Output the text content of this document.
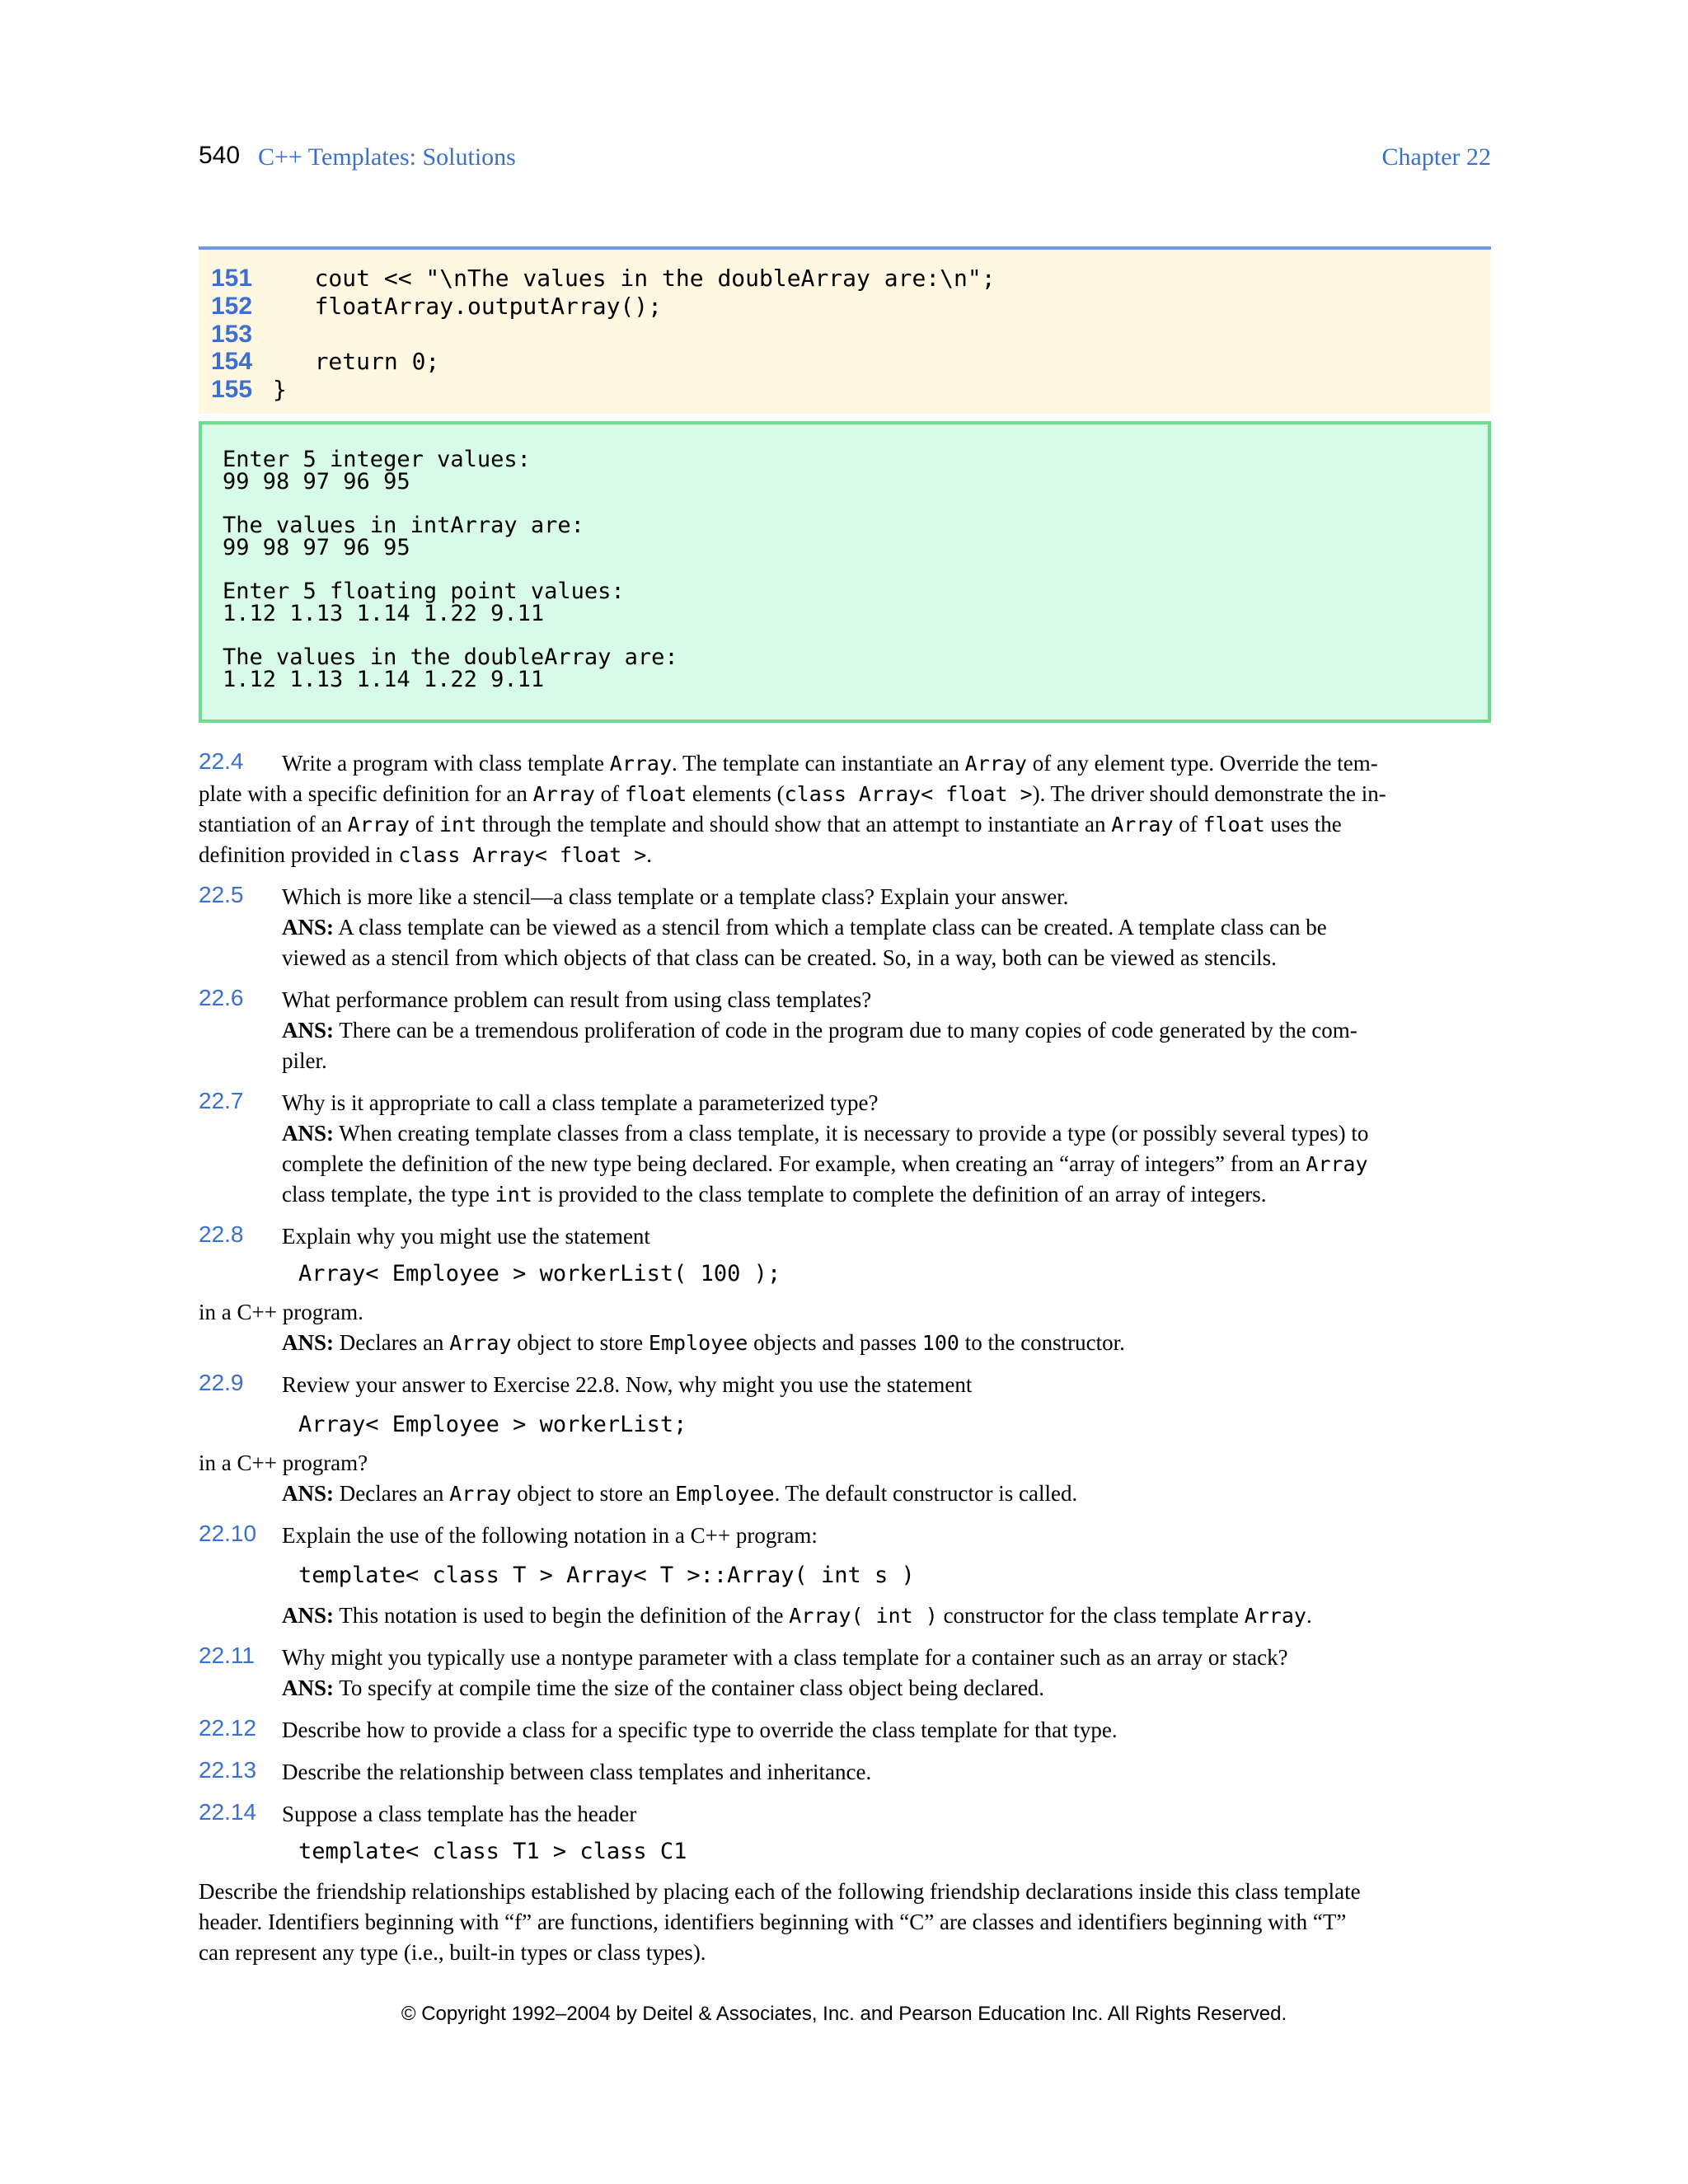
540 C++ Templates: Solutions	Chapter 22
151 cout << "\nThe values in the doubleArray are:\n";
152 floatArray.outputArray();
153
154 return 0;
155 }
Enter 5 integer values:
99 98 97 96 95
The values in intArray are:
99 98 97 96 95
Enter 5 floating point values:
1.12 1.13 1.14 1.22 9.11
The values in the doubleArray are:
1.12 1.13 1.14 1.22 9.11
22.4 Write a program with class template Array. The template can instantiate an Array of any element type. Override the tem-
plate with a specific definition for an Array of float elements (class Array< float >). The driver should demonstrate the in-
stantiation of an Array of int through the template and should show that an attempt to instantiate an Array of float uses the
definition provided in class Array< float >.
22.5 Which is more like a stencil—a class template or a template class? Explain your answer.
ANS: A class template can be viewed as a stencil from which a template class can be created. A template class can be
viewed as a stencil from which objects of that class can be created. So, in a way, both can be viewed as stencils.
22.6 What performance problem can result from using class templates?
ANS: There can be a tremendous proliferation of code in the program due to many copies of code generated by the com-
piler.
22.7 Why is it appropriate to call a class template a parameterized type?
ANS: When creating template classes from a class template, it is necessary to provide a type (or possibly several types) to
complete the definition of the new type being declared. For example, when creating an “array of integers” from an Array
class template, the type int is provided to the class template to complete the definition of an array of integers.
22.8 Explain why you might use the statement
Array< Employee > workerList( 100 );
in a C++ program.
ANS: Declares an Array object to store Employee objects and passes 100 to the constructor.
22.9 Review your answer to Exercise 22.8. Now, why might you use the statement
Array< Employee > workerList;
in a C++ program?
ANS: Declares an Array object to store an Employee. The default constructor is called.
22.10 Explain the use of the following notation in a C++ program:
template< class T > Array< T >::Array( int s )
ANS: This notation is used to begin the definition of the Array( int ) constructor for the class template Array.
22.11 Why might you typically use a nontype parameter with a class template for a container such as an array or stack?
ANS: To specify at compile time the size of the container class object being declared.
22.12 Describe how to provide a class for a specific type to override the class template for that type.
22.13 Describe the relationship between class templates and inheritance.
22.14 Suppose a class template has the header
template< class T1 > class C1
Describe the friendship relationships established by placing each of the following friendship declarations inside this class template
header. Identifiers beginning with “f” are functions, identifiers beginning with “C” are classes and identifiers beginning with “T”
can represent any type (i.e., built-in types or class types).
© Copyright 1992–2004 by Deitel & Associates, Inc. and Pearson Education Inc. All Rights Reserved.
